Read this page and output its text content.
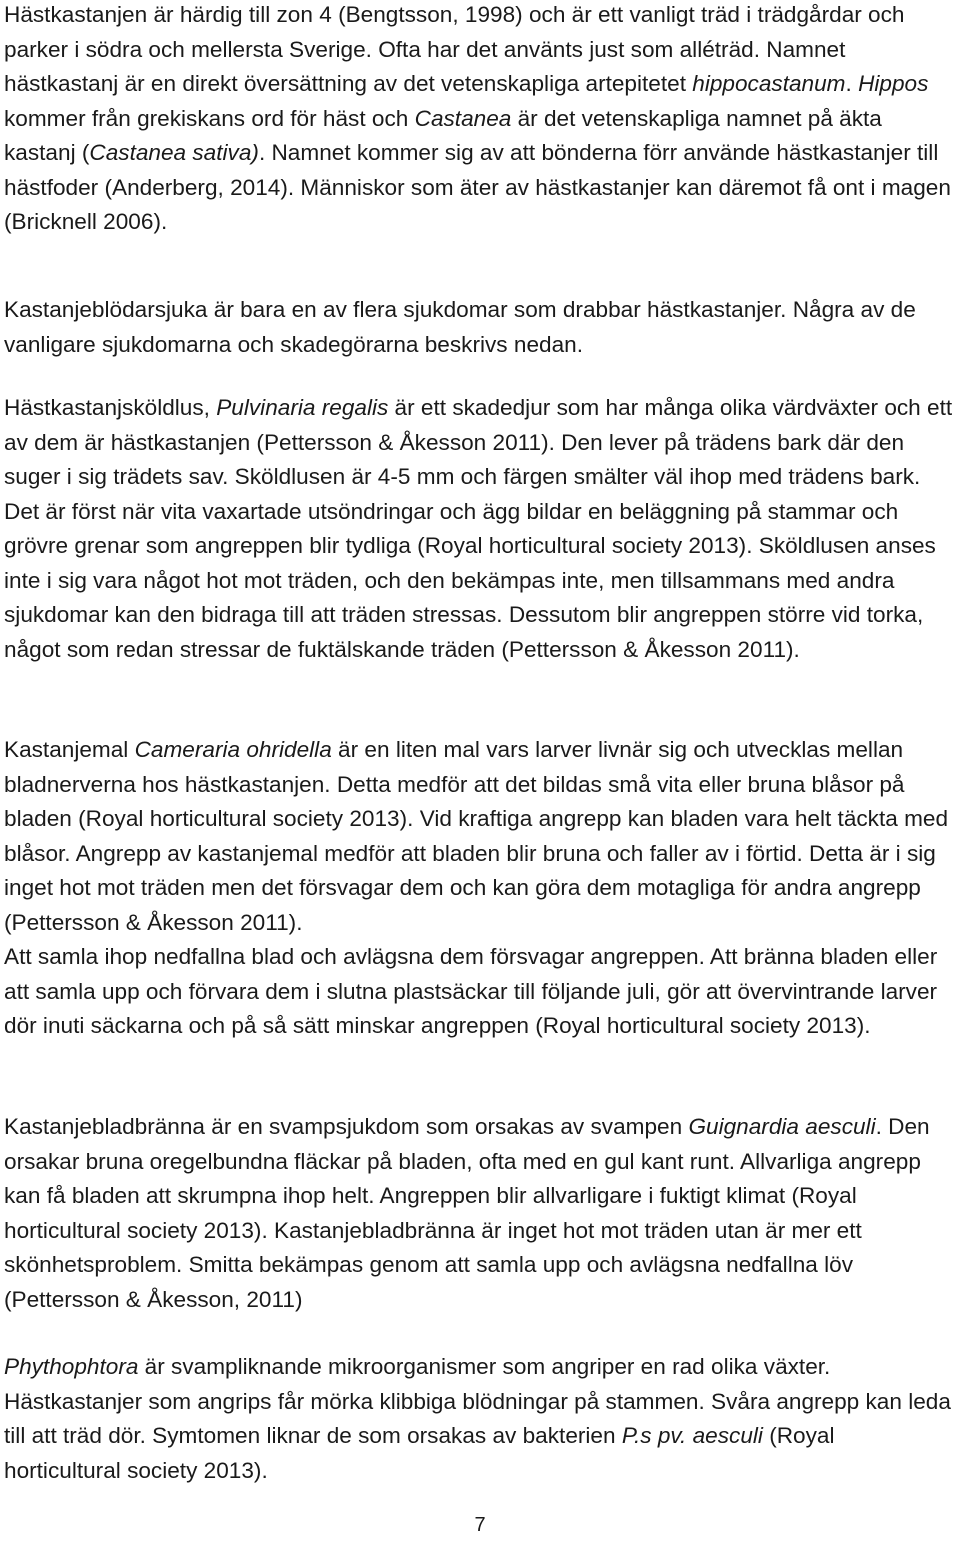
Hästkastanjen är härdig till zon 4 (Bengtsson, 1998) och är ett vanligt träd i trädgårdar och parker i södra och mellersta Sverige. Ofta har det använts just som alléträd. Namnet hästkastanj är en direkt översättning av det vetenskapliga artepitetet hippocastanum. Hippos kommer från grekiskans ord för häst och Castanea är det vetenskapliga namnet på äkta kastanj (Castanea sativa). Namnet kommer sig av att bönderna förr använde hästkastanjer till hästfoder (Anderberg, 2014). Människor som äter av hästkastanjer kan däremot få ont i magen (Bricknell 2006).

Kastanjeblödarsjuka är bara en av flera sjukdomar som drabbar hästkastanjer. Några av de vanligare sjukdomarna och skadegörarna beskrivs nedan.

Hästkastanjsköldlus, Pulvinaria regalis är ett skadedjur som har många olika värdväxter och ett av dem är hästkastanjen (Pettersson & Åkesson 2011). Den lever på trädens bark där den suger i sig trädets sav. Sköldlusen är 4-5 mm och färgen smälter väl ihop med trädens bark. Det är först när vita vaxartade utsöndringar och ägg bildar en beläggning på stammar och grövre grenar som angreppen blir tydliga (Royal horticultural society 2013). Sköldlusen anses inte i sig vara något hot mot träden, och den bekämpas inte, men tillsammans med andra sjukdomar kan den bidraga till att träden stressas. Dessutom blir angreppen större vid torka, något som redan stressar de fuktälskande träden (Pettersson & Åkesson 2011).

Kastanjemal Cameraria ohridella är en liten mal vars larver livnär sig och utvecklas mellan bladnerverna hos hästkastanjen. Detta medför att det bildas små vita eller bruna blåsor på bladen (Royal horticultural society 2013). Vid kraftiga angrepp kan bladen vara helt täckta med blåsor. Angrepp av kastanjemal medför att bladen blir bruna och faller av i förtid. Detta är i sig inget hot mot träden men det försvagar dem och kan göra dem motagliga för andra angrepp (Pettersson & Åkesson 2011).
Att samla ihop nedfallna blad och avlägsna dem försvagar angreppen. Att bränna bladen eller att samla upp och förvara dem i slutna plastsäckar till följande juli, gör att övervintrande larver dör inuti säckarna och på så sätt minskar angreppen (Royal horticultural society 2013).

Kastanjebladbränna är en svampsjukdom som orsakas av svampen Guignardia aesculi. Den orsakar bruna oregelbundna fläckar på bladen, ofta med en gul kant runt. Allvarliga angrepp kan få bladen att skrumpna ihop helt. Angreppen blir allvarligare i fuktigt klimat (Royal horticultural society 2013). Kastanjebladbränna är inget hot mot träden utan är mer ett skönhetsproblem. Smitta bekämpas genom att samla upp och avlägsna nedfallna löv (Pettersson & Åkesson, 2011)

Phythophtora är svampliknande mikroorganismer som angriper en rad olika växter. Hästkastanjer som angrips får mörka klibbiga blödningar på stammen. Svåra angrepp kan leda till att träd dör. Symtomen liknar de som orsakas av bakterien P.s pv. aesculi (Royal horticultural society 2013).

7
